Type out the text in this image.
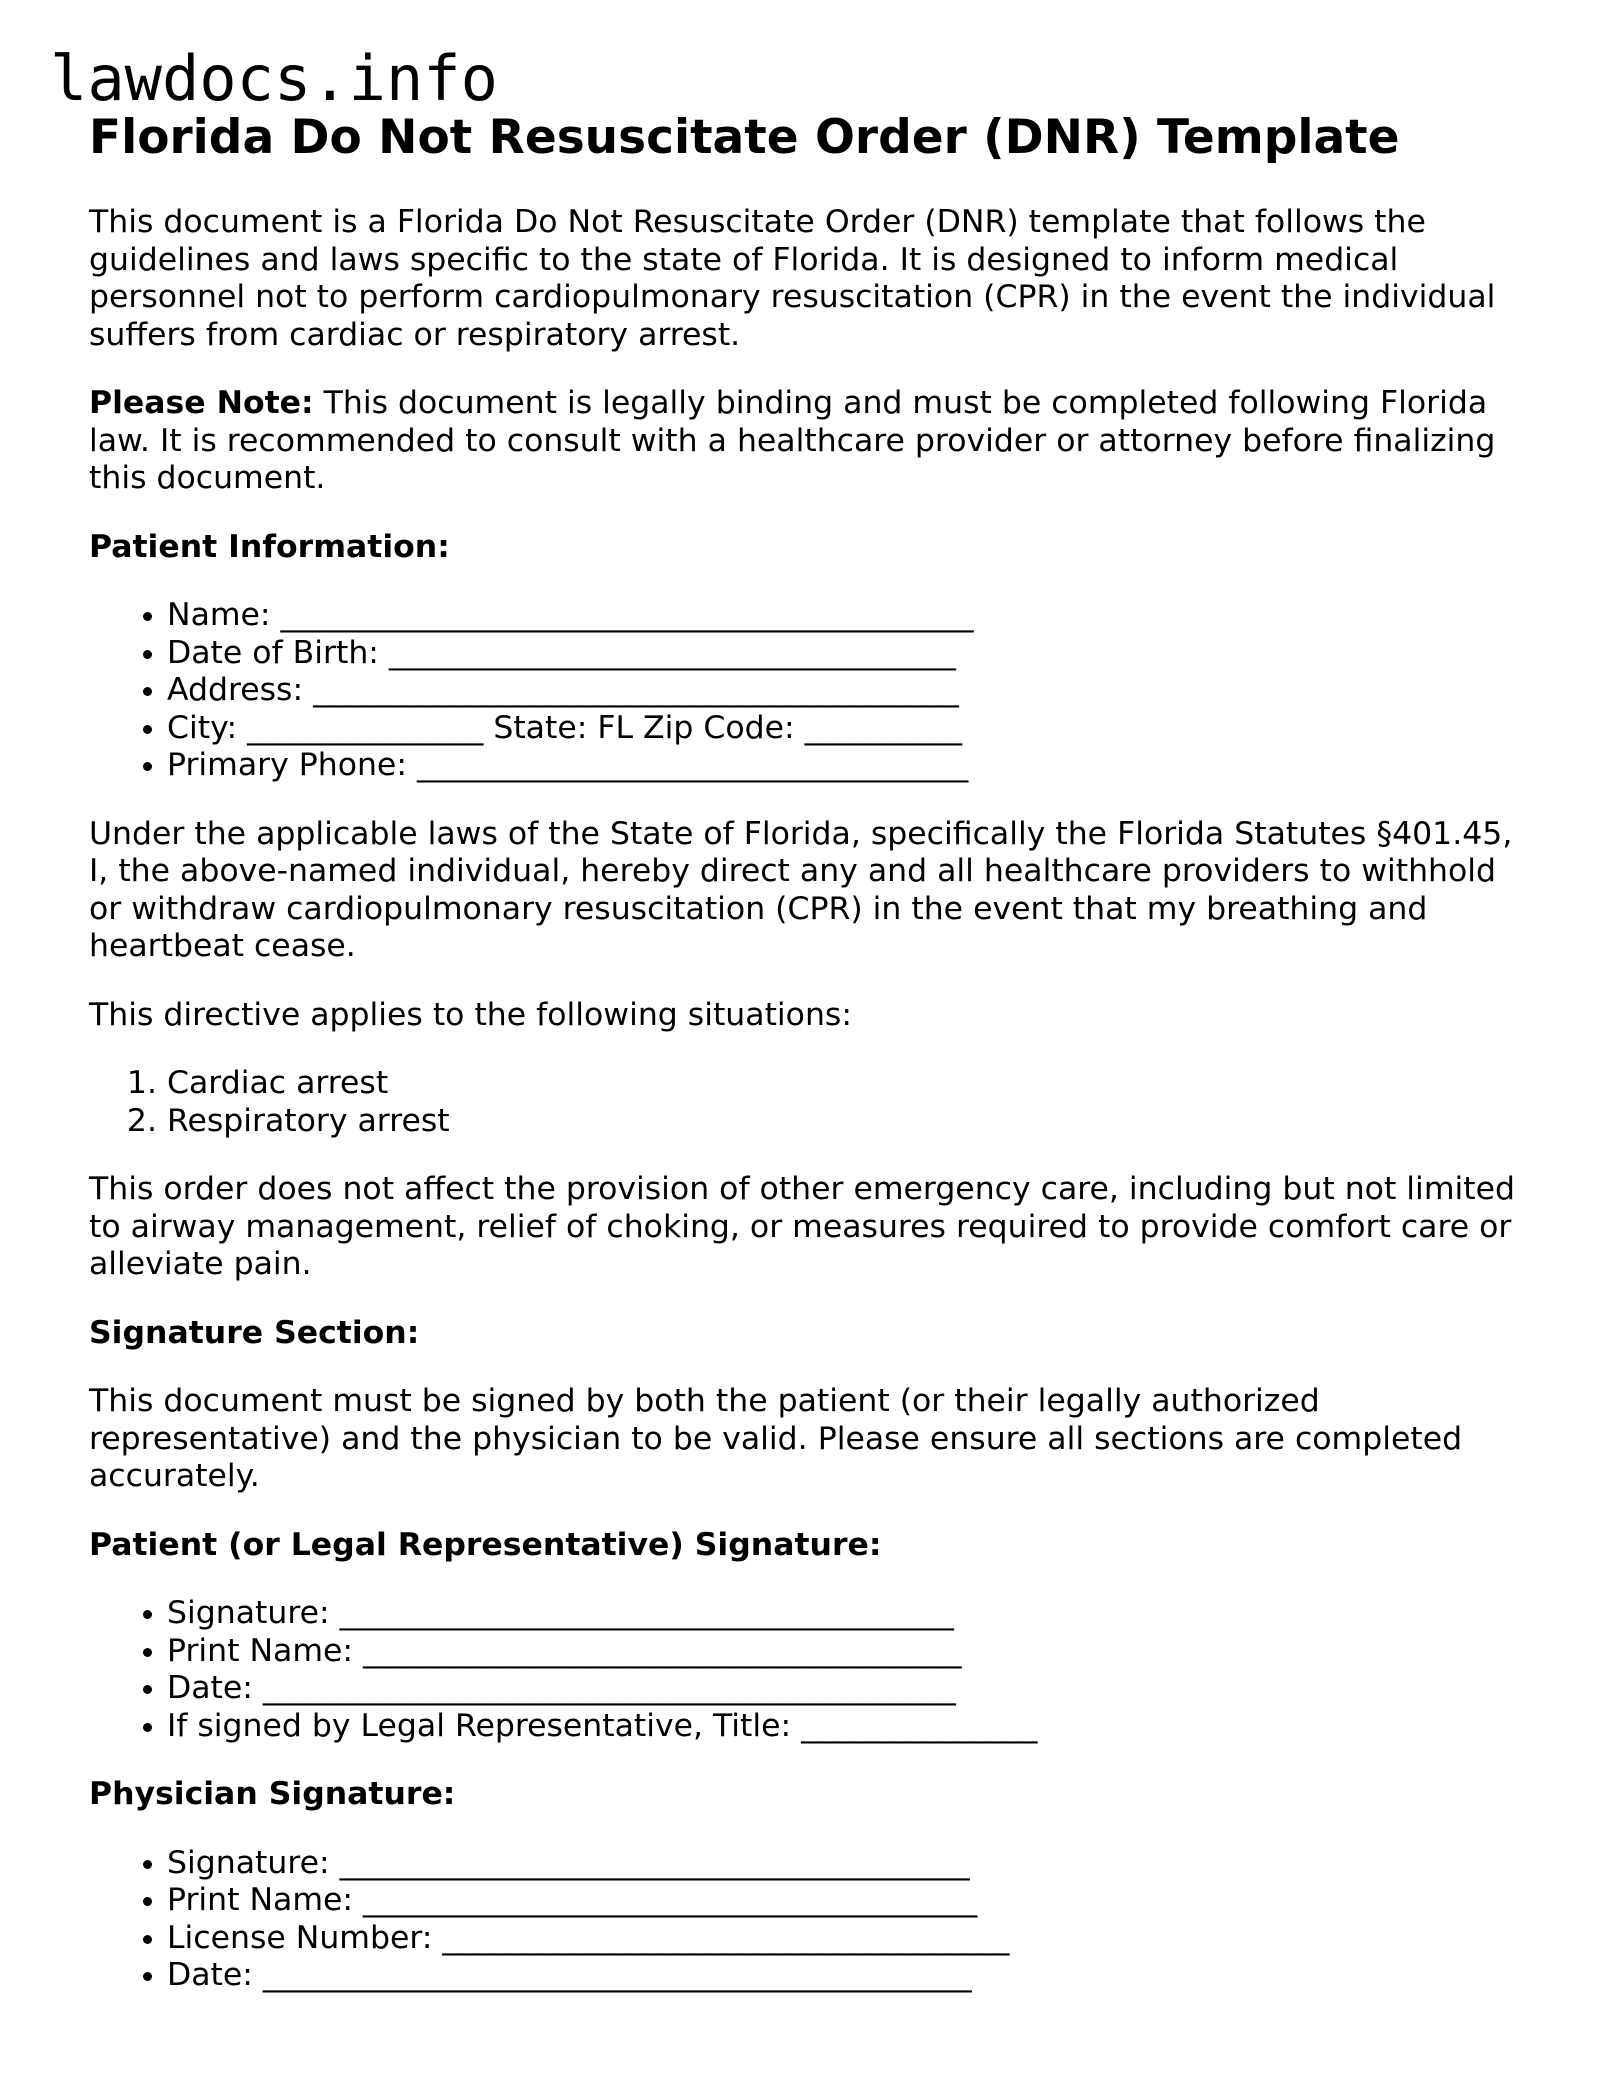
lawdocs.info
Florida Do Not Resuscitate Order (DNR) Template

This document is a Florida Do Not Resuscitate Order (DNR) template that follows the guidelines and laws specific to the state of Florida. It is designed to inform medical personnel not to perform cardiopulmonary resuscitation (CPR) in the event the individual suffers from cardiac or respiratory arrest.

Please Note: This document is legally binding and must be completed following Florida law. It is recommended to consult with a healthcare provider or attorney before finalizing this document.

Patient Information:
• Name: ____________________________________________
• Date of Birth: ____________________________________
• Address: _________________________________________
• City: _______________ State: FL Zip Code: __________
• Primary Phone: ___________________________________

Under the applicable laws of the State of Florida, specifically the Florida Statutes §401.45, I, the above-named individual, hereby direct any and all healthcare providers to withhold or withdraw cardiopulmonary resuscitation (CPR) in the event that my breathing and heartbeat cease.

This directive applies to the following situations:

1. Cardiac arrest
2. Respiratory arrest

This order does not affect the provision of other emergency care, including but not limited to airway management, relief of choking, or measures required to provide comfort care or alleviate pain.

Signature Section:

This document must be signed by both the patient (or their legally authorized representative) and the physician to be valid. Please ensure all sections are completed accurately.

Patient (or Legal Representative) Signature:
• Signature: _______________________________________
• Print Name: ______________________________________
• Date: ____________________________________________
• If signed by Legal Representative, Title: _______________
Physician Signature:
• Signature: ________________________________________
• Print Name: _______________________________________
• License Number: ____________________________________
• Date: _____________________________________________
